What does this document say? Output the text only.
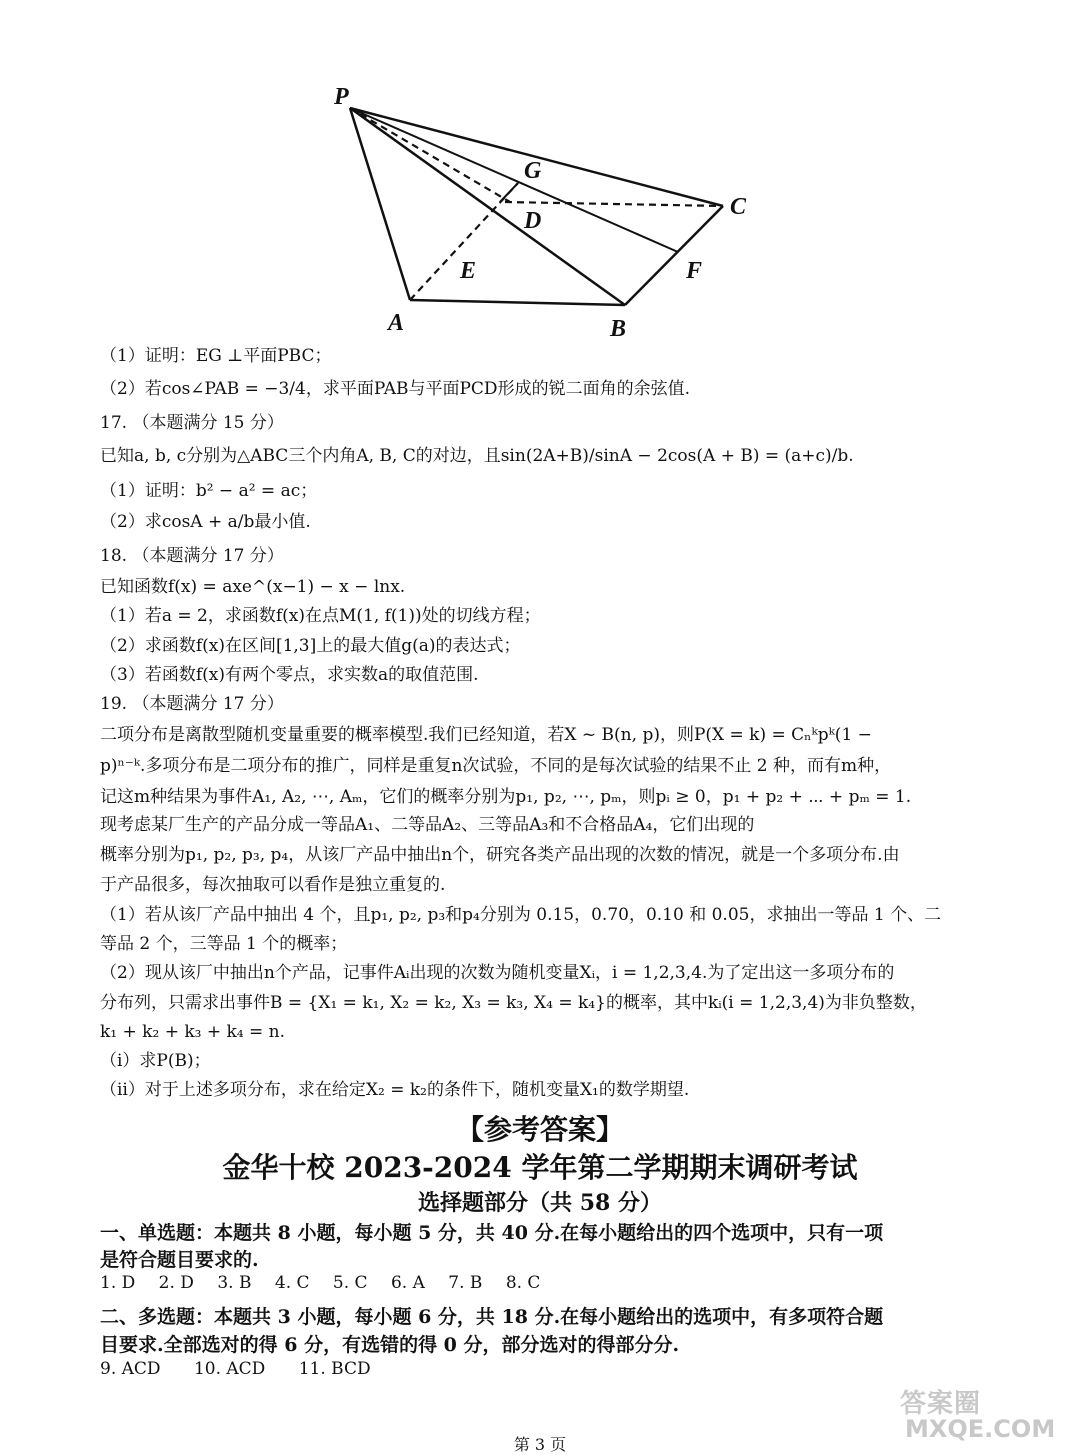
P
G
D
C
E	F
A	B
（1）证明：EG ⊥平面PBC；
（2）若cos∠PAB = −3/4，求平面PAB与平面PCD形成的锐二面角的余弦值.
17. （本题满分 15 分）
已知a, b, c分别为△ABC三个内角A, B, C的对边，且sin(2A+B)/sinA − 2cos(A + B) = (a+c)/b.
（1）证明：b² − a² = ac；
（2）求cosA + a/b最小值.
18. （本题满分 17 分）
已知函数f(x) = axe^(x−1) − x − lnx.
（1）若a = 2，求函数f(x)在点M(1, f(1))处的切线方程；
（2）求函数f(x)在区间[1,3]上的最大值g(a)的表达式；
（3）若函数f(x)有两个零点，求实数a的取值范围.
19. （本题满分 17 分）
二项分布是离散型随机变量重要的概率模型.我们已经知道，若X ~ B(n, p)，则P(X = k) = Cₙᵏpᵏ(1 −
p)ⁿ⁻ᵏ.多项分布是二项分布的推广，同样是重复n次试验，不同的是每次试验的结果不止 2 种，而有m种，
记这m种结果为事件A₁, A₂, ⋯, Aₘ，它们的概率分别为p₁, p₂, ⋯, pₘ，则pᵢ ≥ 0，p₁ + p₂ + ⋯ + pₘ = 1.
现考虑某厂生产的产品分成一等品A₁、二等品A₂、三等品A₃和不合格品A₄，它们出现的
概率分别为p₁, p₂, p₃, p₄，从该厂产品中抽出n个，研究各类产品出现的次数的情况，就是一个多项分布.由
于产品很多，每次抽取可以看作是独立重复的.
（1）若从该厂产品中抽出 4 个，且p₁, p₂, p₃和p₄分别为 0.15，0.70，0.10 和 0.05，求抽出一等品 1 个、二
等品 2 个，三等品 1 个的概率；
（2）现从该厂中抽出n个产品，记事件Aᵢ出现的次数为随机变量Xᵢ，i = 1,2,3,4.为了定出这一多项分布的
分布列，只需求出事件B = {X₁ = k₁, X₂ = k₂, X₃ = k₃, X₄ = k₄}的概率，其中kᵢ(i = 1,2,3,4)为非负整数，
k₁ + k₂ + k₃ + k₄ = n.
（ⅰ）求P(B)；
（ⅱ）对于上述多项分布，求在给定X₂ = k₂的条件下，随机变量X₁的数学期望.
【参考答案】
金华十校 2023-2024 学年第二学期期末调研考试
选择题部分（共 58 分）
一、单选题：本题共 8 小题，每小题 5 分，共 40 分.在每小题给出的四个选项中，只有一项
是符合题目要求的.
1. D 2. D 3. B 4. C 5. C 6. A 7. B 8. C
二、多选题：本题共 3 小题，每小题 6 分，共 18 分.在每小题给出的选项中，有多项符合题
目要求.全部选对的得 6 分，有选错的得 0 分，部分选对的得部分分.
9. ACD 10. ACD 11. BCD
答案圈
MXQE.COM
第 3 页
